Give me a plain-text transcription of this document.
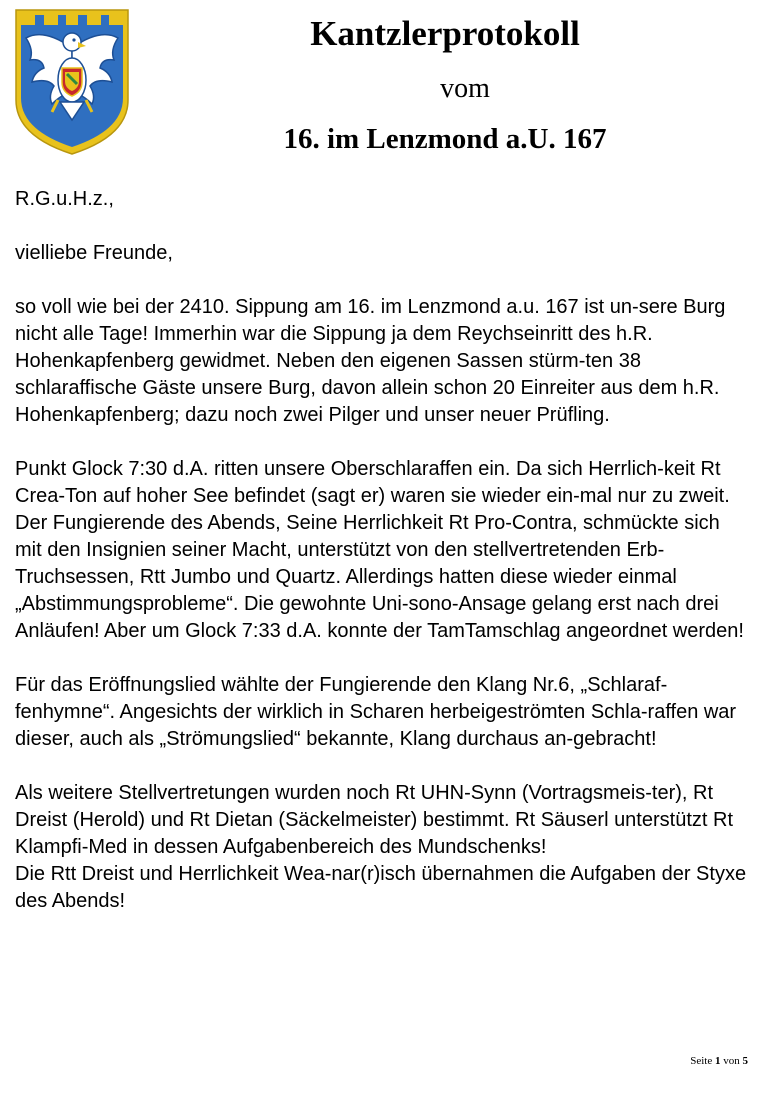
Kantzlerprotokoll
vom
16. im Lenzmond a.U. 167

R.G.u.H.z.,

vielliebe Freunde,

so voll wie bei der 2410. Sippung am 16. im Lenzmond a.u. 167 ist un-sere Burg nicht alle Tage! Immerhin war die Sippung ja dem Reychseinritt des h.R. Hohenkapfenberg gewidmet. Neben den eigenen Sassen stürm-ten 38 schlaraffische Gäste unsere Burg, davon allein schon 20 Einreiter aus dem h.R. Hohenkapfenberg; dazu noch zwei Pilger und unser neuer Prüfling.

Punkt Glock 7:30 d.A. ritten unsere Oberschlaraffen ein. Da sich Herrlich-keit Rt Crea-Ton auf hoher See befindet (sagt er) waren sie wieder ein-mal nur zu zweit. Der Fungierende des Abends, Seine Herrlichkeit Rt Pro-Contra, schmückte sich mit den Insignien seiner Macht, unterstützt von den stellvertretenden Erb-Truchsessen, Rtt Jumbo und Quartz. Allerdings hatten diese wieder einmal „Abstimmungsprobleme“. Die gewohnte Uni-sono-Ansage gelang erst nach drei Anläufen! Aber um Glock 7:33 d.A. konnte der TamTamschlag angeordnet werden!

Für das Eröffnungslied wählte der Fungierende den Klang Nr.6, „Schlaraf-fenhymne“. Angesichts der wirklich in Scharen herbeigeströmten Schla-raffen war dieser, auch als „Strömungslied“ bekannte, Klang durchaus an-gebracht!

Als weitere Stellvertretungen wurden noch Rt UHN-Synn (Vortragsmeis-ter), Rt Dreist (Herold) und Rt Dietan (Säckelmeister) bestimmt. Rt Säuserl unterstützt Rt Klampfi-Med in dessen Aufgabenbereich des Mundschenks!

Die Rtt Dreist und Herrlichkeit Wea-nar(r)isch übernahmen die Aufgaben der Styxe des Abends!

Seite 1 von 5
